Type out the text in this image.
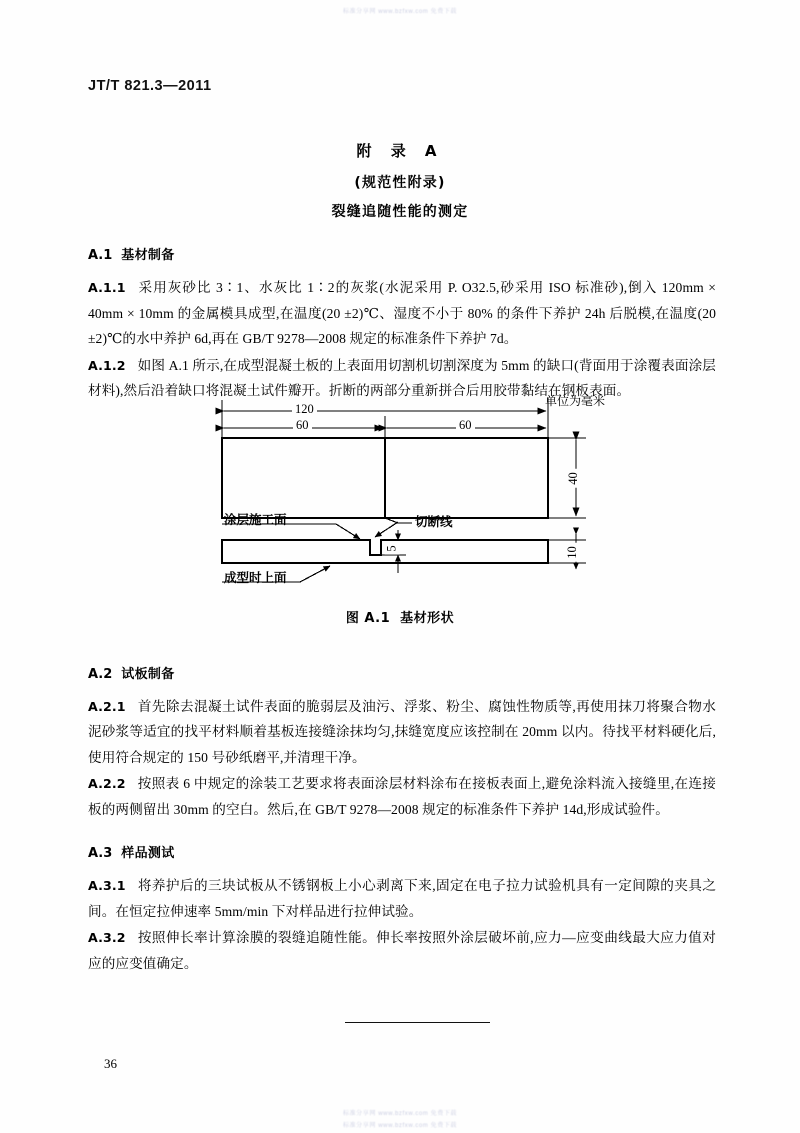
标准分享网 www.bzfxw.com 免费下载
JT/T 821.3—2011
附 录 A
(规范性附录)
裂缝追随性能的测定
A.1 基材制备

A.1.1 采用灰砂比 3∶1、水灰比 1∶2的灰浆(水泥采用 P. O32.5,砂采用 ISO 标准砂),倒入 120mm × 40mm × 10mm 的金属模具成型,在温度(20 ±2)℃、湿度不小于 80% 的条件下养护 24h 后脱模,在温度(20 ±2)℃的水中养护 6d,再在 GB/T 9278—2008 规定的标准条件下养护 7d。

A.1.2 如图 A.1 所示,在成型混凝土板的上表面用切割机切割深度为 5mm 的缺口(背面用于涂覆表面涂层材料),然后沿着缺口将混凝土试件瓣开。折断的两部分重新拼合后用胶带黏结在钢板表面。

A.2 试板制备

A.2.1 首先除去混凝土试件表面的脆弱层及油污、浮浆、粉尘、腐蚀性物质等,再使用抹刀将聚合物水泥砂浆等适宜的找平材料顺着基板连接缝涂抹均匀,抹缝宽度应该控制在 20mm 以内。待找平材料硬化后,使用符合规定的 150 号砂纸磨平,并清理干净。

A.2.2 按照表 6 中规定的涂装工艺要求将表面涂层材料涂布在接板表面上,避免涂料流入接缝里,在连接板的两侧留出 30mm 的空白。然后,在 GB/T 9278—2008 规定的标准条件下养护 14d,形成试验件。

A.3 样品测试

A.3.1 将养护后的三块试板从不锈钢板上小心剥离下来,固定在电子拉力试验机具有一定间隙的夹具之间。在恒定拉伸速率 5mm/min 下对样品进行拉伸试验。

A.3.2 按照伸长率计算涂膜的裂缝追随性能。伸长率按照外涂层破坏前,应力—应变曲线最大应力值对应的应变值确定。

单位为毫米
120
60	60
40
5	10
涂层施工面	切断线
成型时上面
图 A.1 基材形状
36
标准分享网 www.bzfxw.com 免费下载
标准分享网 www.bzfxw.com 免费下载
